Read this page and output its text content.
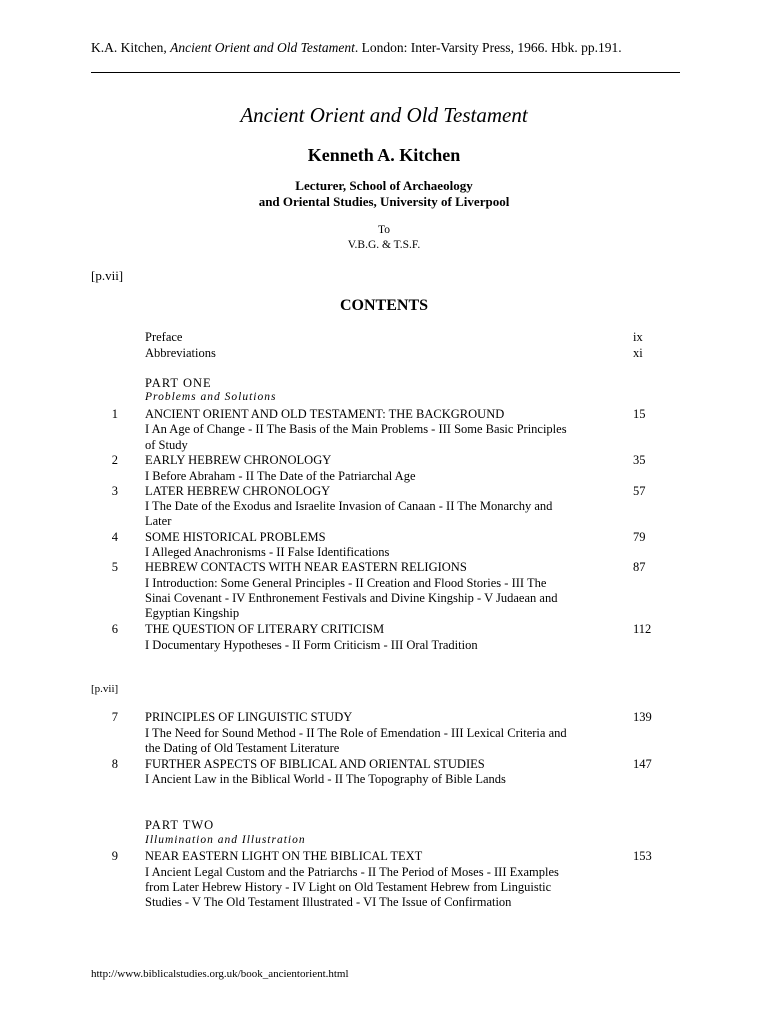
K.A. Kitchen, Ancient Orient and Old Testament. London: Inter-Varsity Press, 1966. Hbk. pp.191.
Ancient Orient and Old Testament
Kenneth A. Kitchen
Lecturer, School of Archaeology
and Oriental Studies, University of Liverpool
To
V.B.G. & T.S.F.
[p.vii]
CONTENTS
Preface	ix
Abbreviations	xi
PART ONE
Problems and Solutions
1 ANCIENT ORIENT AND OLD TESTAMENT: THE BACKGROUND	15
I An Age of Change - II The Basis of the Main Problems - III Some Basic Principles
of Study
2 EARLY HEBREW CHRONOLOGY	35
I Before Abraham - II The Date of the Patriarchal Age
3 LATER HEBREW CHRONOLOGY	57
I The Date of the Exodus and Israelite Invasion of Canaan - II The Monarchy and
Later
4 SOME HISTORICAL PROBLEMS	79
I Alleged Anachronisms - II False Identifications
5 HEBREW CONTACTS WITH NEAR EASTERN RELIGIONS	87
I Introduction: Some General Principles - II Creation and Flood Stories - III The
Sinai Covenant - IV Enthronement Festivals and Divine Kingship - V Judaean and
Egyptian Kingship
6 THE QUESTION OF LITERARY CRITICISM	112
I Documentary Hypotheses - II Form Criticism - III Oral Tradition
[p.vii]
7 PRINCIPLES OF LINGUISTIC STUDY	139
I The Need for Sound Method - II The Role of Emendation - III Lexical Criteria and
the Dating of Old Testament Literature
8 FURTHER ASPECTS OF BIBLICAL AND ORIENTAL STUDIES	147
I Ancient Law in the Biblical World - II The Topography of Bible Lands
PART TWO
Illumination and Illustration
9 NEAR EASTERN LIGHT ON THE BIBLICAL TEXT	153
I Ancient Legal Custom and the Patriarchs - II The Period of Moses - III Examples
from Later Hebrew History - IV Light on Old Testament Hebrew from Linguistic
Studies - V The Old Testament Illustrated - VI The Issue of Confirmation
http://www.biblicalstudies.org.uk/book_ancientorient.html
